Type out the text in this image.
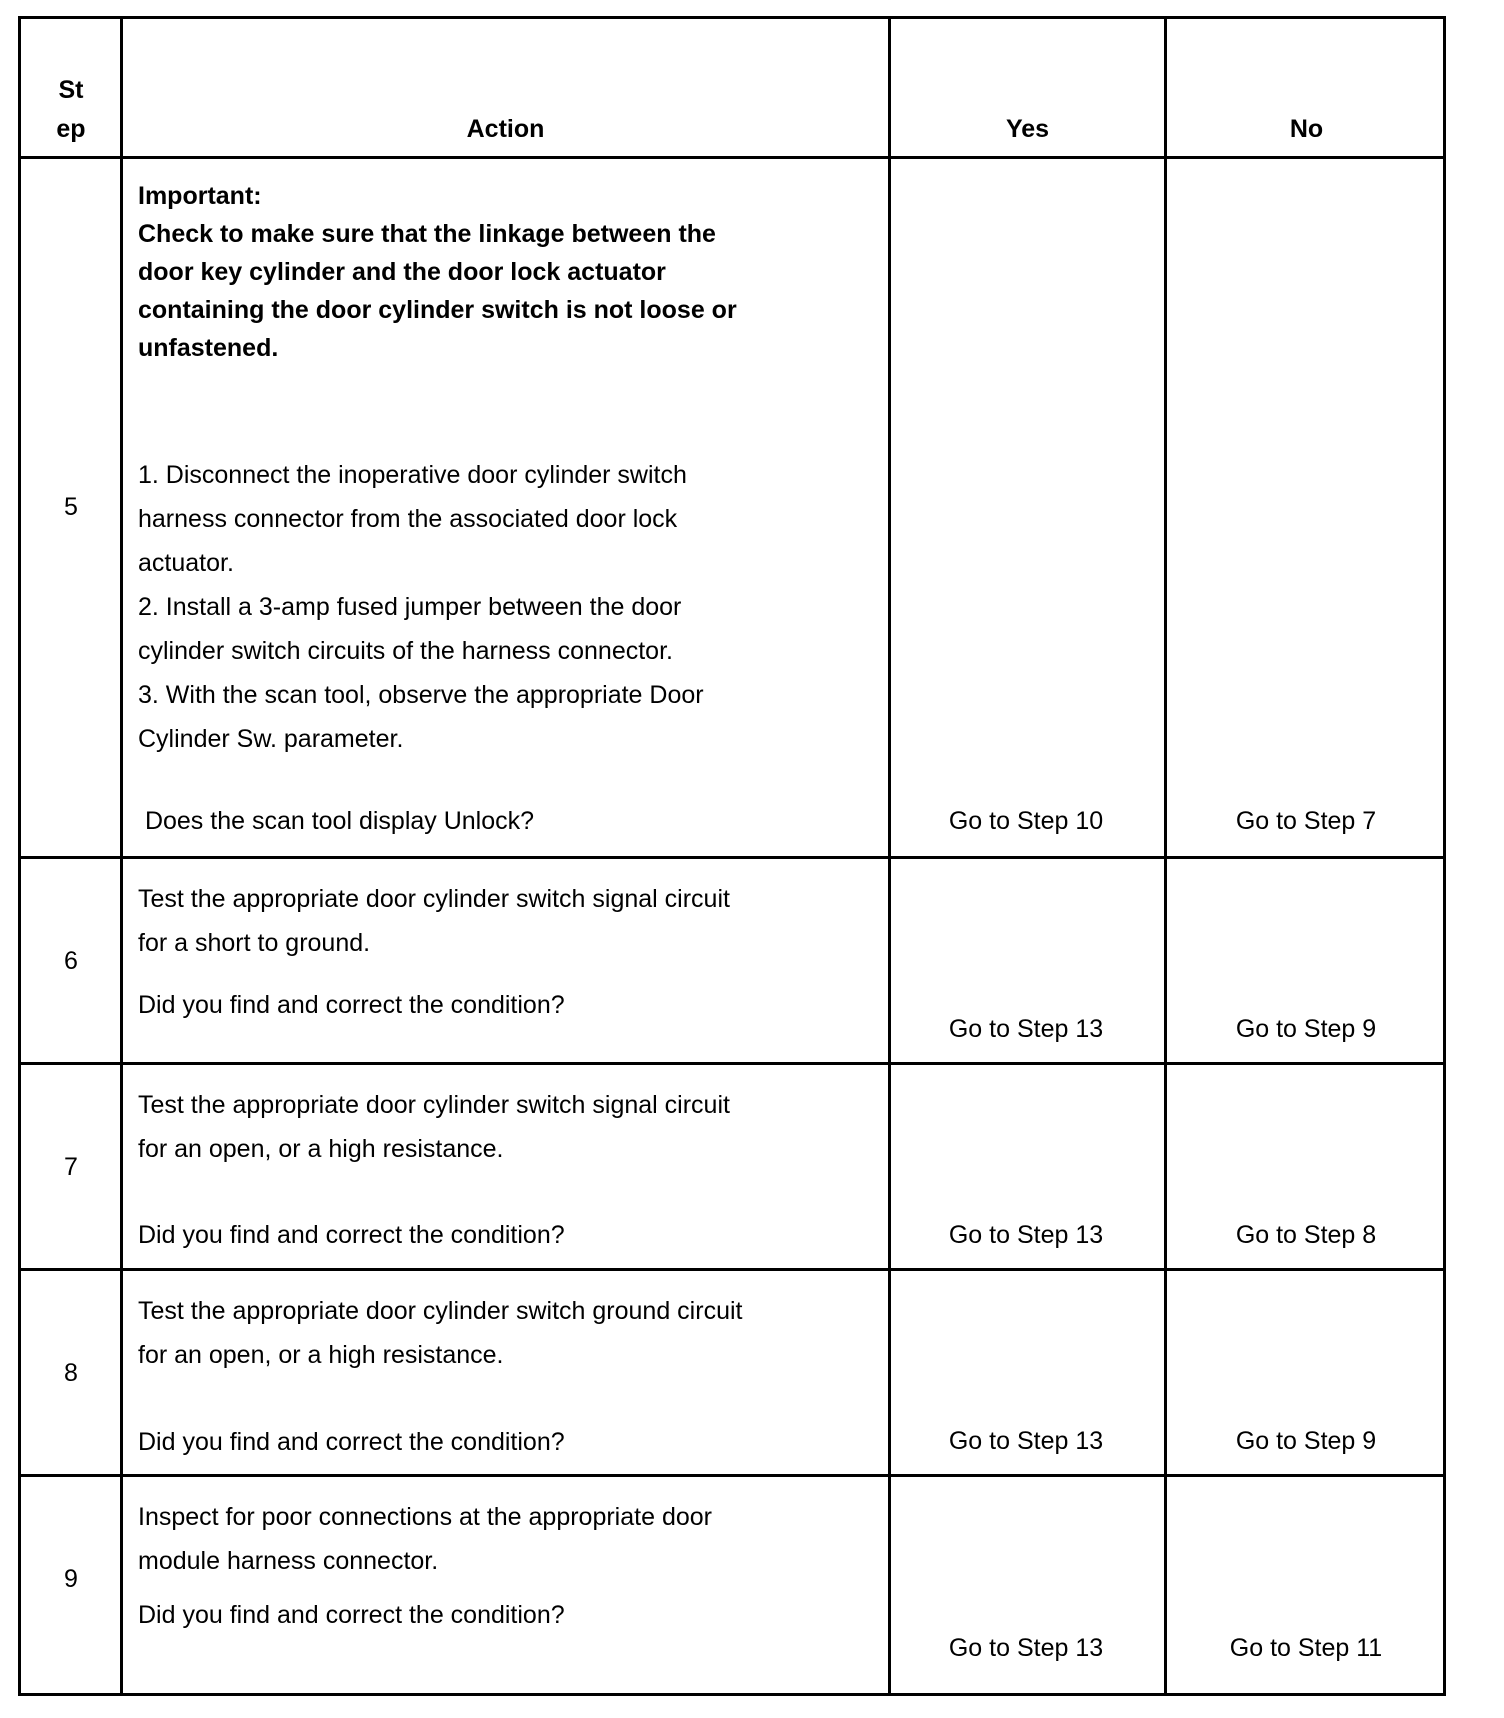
St
ep	Action	Yes	No
5
Important:
Check to make sure that the linkage between the
door key cylinder and the door lock actuator
containing the door cylinder switch is not loose or
unfastened.
1. Disconnect the inoperative door cylinder switch
harness connector from the associated door lock
actuator.
2. Install a 3-amp fused jumper between the door
cylinder switch circuits of the harness connector.
3. With the scan tool, observe the appropriate Door
Cylinder Sw. parameter.
Does the scan tool display Unlock?	Go to Step 10	Go to Step 7
6
Test the appropriate door cylinder switch signal circuit
for a short to ground.
Did you find and correct the condition?
Go to Step 13	Go to Step 9
7
Test the appropriate door cylinder switch signal circuit
for an open, or a high resistance.
Did you find and correct the condition?	Go to Step 13	Go to Step 8
8
Test the appropriate door cylinder switch ground circuit
for an open, or a high resistance.
Did you find and correct the condition?	Go to Step 13	Go to Step 9
9
Inspect for poor connections at the appropriate door
module harness connector.
Did you find and correct the condition?
Go to Step 13	Go to Step 11
